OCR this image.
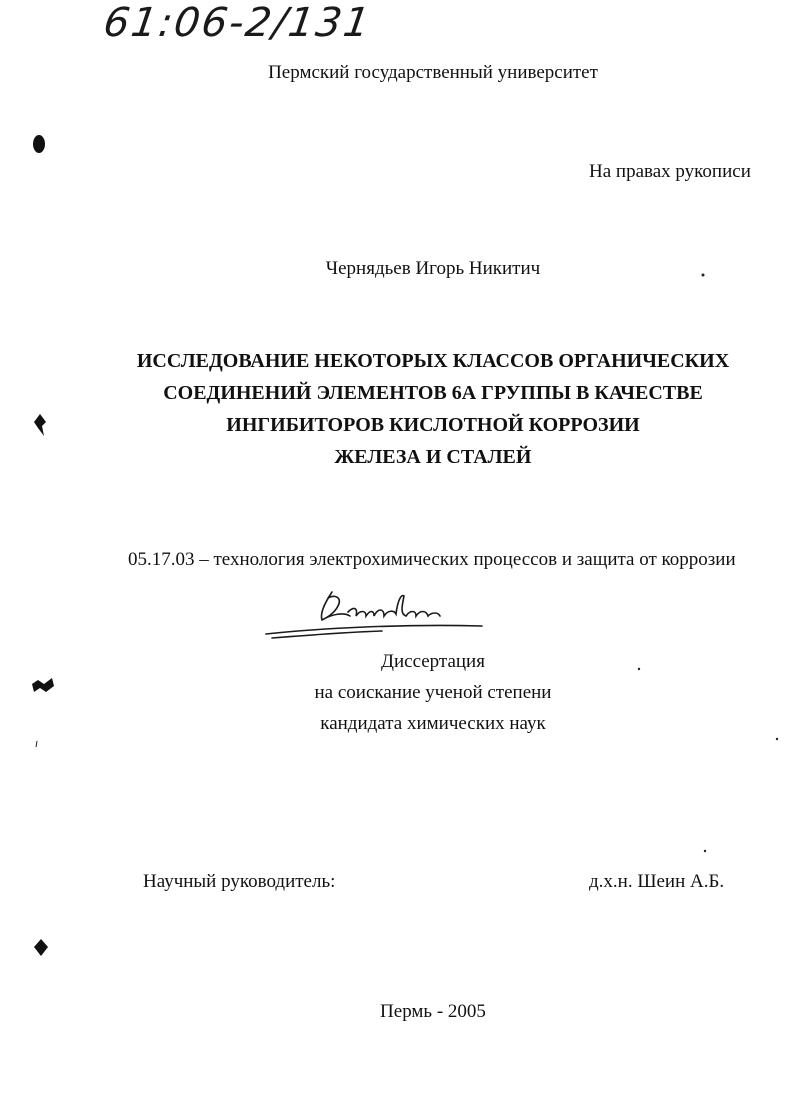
61:06-2/131
Пермский государственный университет
На правах рукописи
Чернядьев Игорь Никитич
ИССЛЕДОВАНИЕ НЕКОТОРЫХ КЛАССОВ ОРГАНИЧЕСКИХ
СОЕДИНЕНИЙ ЭЛЕМЕНТОВ 6А ГРУППЫ В КАЧЕСТВЕ
ИНГИБИТОРОВ КИСЛОТНОЙ КОРРОЗИИ
ЖЕЛЕЗА И СТАЛЕЙ
05.17.03 – технология электрохимических процессов и защита от коррозии
Диссертация
на соискание ученой степени
кандидата химических наук
Научный руководитель:	д.х.н. Шеин А.Б.
Пермь - 2005
